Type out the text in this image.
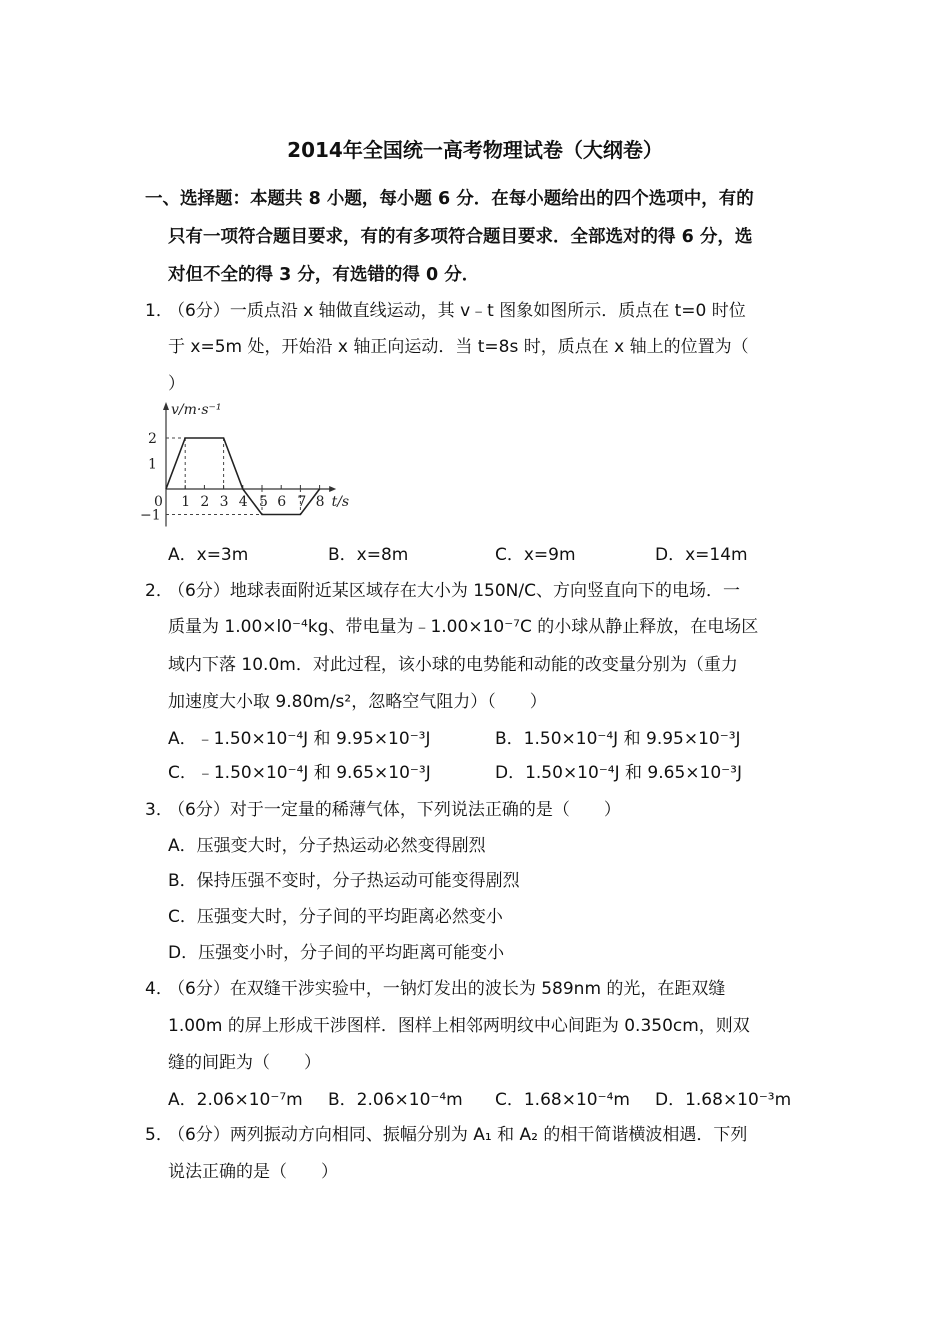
2014年全国统一高考物理试卷（大纲卷）
一、选择题：本题共 8 小题，每小题 6 分．在每小题给出的四个选项中，有的
只有一项符合题目要求，有的有多项符合题目要求．全部选对的得 6 分，选
对但不全的得 3 分，有选错的得 0 分．
1．
（6分）一质点沿 x 轴做直线运动，其 v﹣t 图象如图所示．质点在 t=0 时位
于 x=5m 处，开始沿 x 轴正向运动．当 t=8s 时，质点在 x 轴上的位置为（
）
0 1 2 3 4 5 6 7 8
2
1
−1
t/s
v/m·s⁻¹
A．x=3m	B．x=8m	C．x=9m	D．x=14m
2．
（6分）地球表面附近某区域存在大小为 150N/C、方向竖直向下的电场．一
质量为 1.00×l0⁻⁴kg、带电量为﹣1.00×10⁻⁷C 的小球从静止释放，在电场区
域内下落 10.0m．对此过程，该小球的电势能和动能的改变量分别为（重力
加速度大小取 9.80m/s²，忽略空气阻力）（　　）
A．﹣1.50×10⁻⁴J 和 9.95×10⁻³J	B．1.50×10⁻⁴J 和 9.95×10⁻³J
C．﹣1.50×10⁻⁴J 和 9.65×10⁻³J	D．1.50×10⁻⁴J 和 9.65×10⁻³J
3．
（6分）对于一定量的稀薄气体，下列说法正确的是（　　）
A．压强变大时，分子热运动必然变得剧烈
B．保持压强不变时，分子热运动可能变得剧烈
C．压强变大时，分子间的平均距离必然变小
D．压强变小时，分子间的平均距离可能变小
4．
（6分）在双缝干涉实验中，一钠灯发出的波长为 589nm 的光，在距双缝
1.00m 的屏上形成干涉图样．图样上相邻两明纹中心间距为 0.350cm，则双
缝的间距为（　　）
A．2.06×10⁻⁷m B．2.06×10⁻⁴m C．1.68×10⁻⁴m D．1.68×10⁻³m
5．
（6分）两列振动方向相同、振幅分别为 A₁ 和 A₂ 的相干简谐横波相遇．下列
说法正确的是（　　）
